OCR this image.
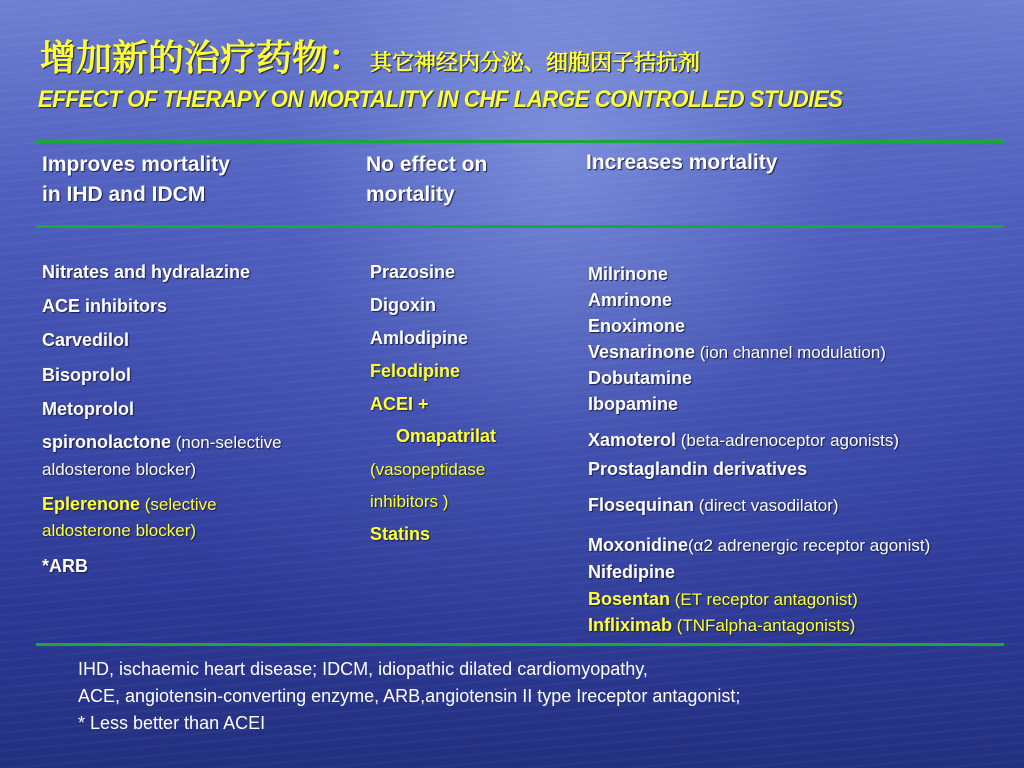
增加新的治疗药物： 其它神经内分泌、细胞因子拮抗剂
EFFECT OF THERAPY ON MORTALITY IN CHF LARGE CONTROLLED STUDIES
Improves mortality
in IHD and IDCM
No effect on
mortality
Increases mortality
Nitrates and hydralazine
ACE inhibitors
Carvedilol
Bisoprolol
Metoprolol
spironolactone (non-selective
aldosterone blocker)
Eplerenone (selective
aldosterone blocker)
*ARB
Prazosine
Digoxin
Amlodipine
Felodipine
ACEI +
Omapatrilat
(vasopeptidase
inhibitors )
Statins
Milrinone
Amrinone
Enoximone
Vesnarinone (ion channel modulation)
Dobutamine
Ibopamine
Xamoterol (beta-adrenoceptor agonists)
Prostaglandin derivatives
Flosequinan (direct vasodilator)
Moxonidine(α2 adrenergic receptor agonist)
Nifedipine
Bosentan (ET receptor antagonist)
Infliximab (TNFalpha-antagonists)
IHD, ischaemic heart disease; IDCM, idiopathic dilated cardiomyopathy,
ACE, angiotensin-converting enzyme, ARB,angiotensin II type Ireceptor antagonist;
* Less better than ACEI
